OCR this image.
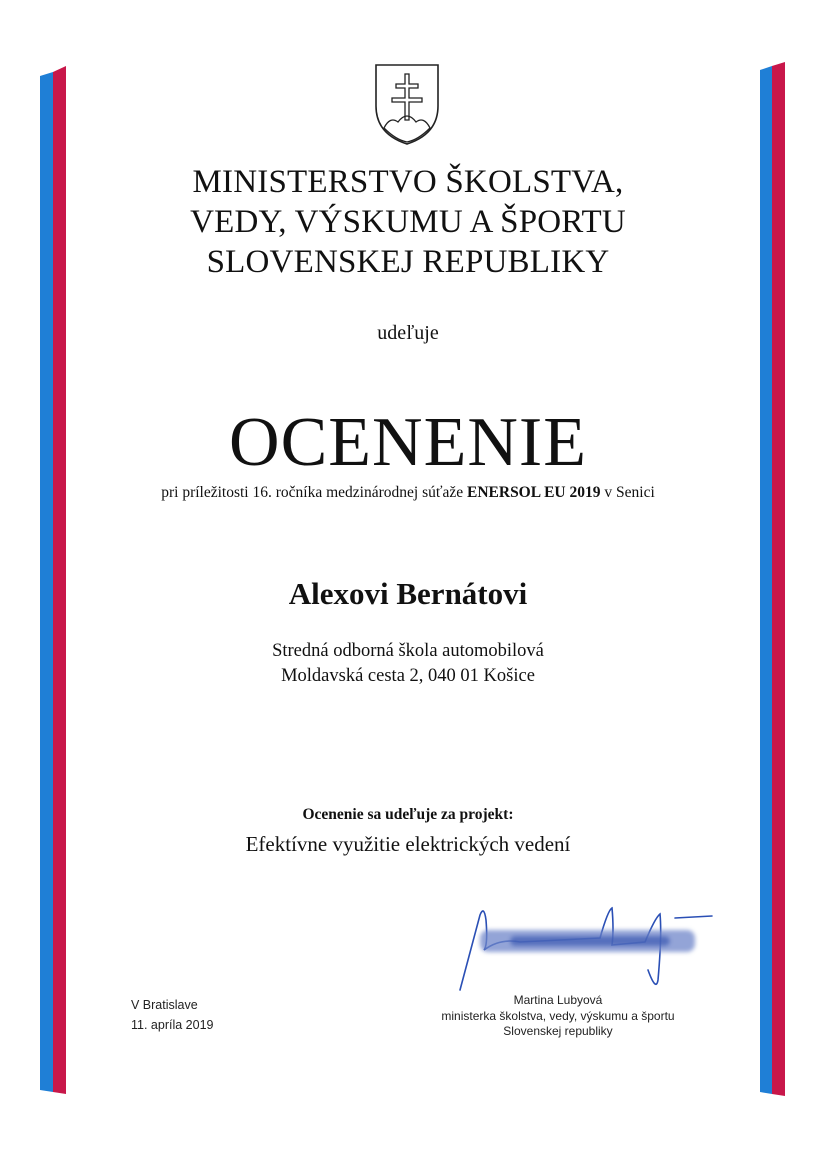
MINISTERSTVO ŠKOLSTVA,
VEDY, VÝSKUMU A ŠPORTU
SLOVENSKEJ REPUBLIKY
udeľuje
OCENENIE
pri príležitosti 16. ročníka medzinárodnej súťaže ENERSOL EU 2019 v Senici
Alexovi Bernátovi
Stredná odborná škola automobilová
Moldavská cesta 2, 040 01 Košice
Ocenenie sa udeľuje za projekt:
Efektívne využitie elektrických vedení
V Bratislave
11. apríla 2019
Martina Lubyová
ministerka školstva, vedy, výskumu a športu
Slovenskej republiky
